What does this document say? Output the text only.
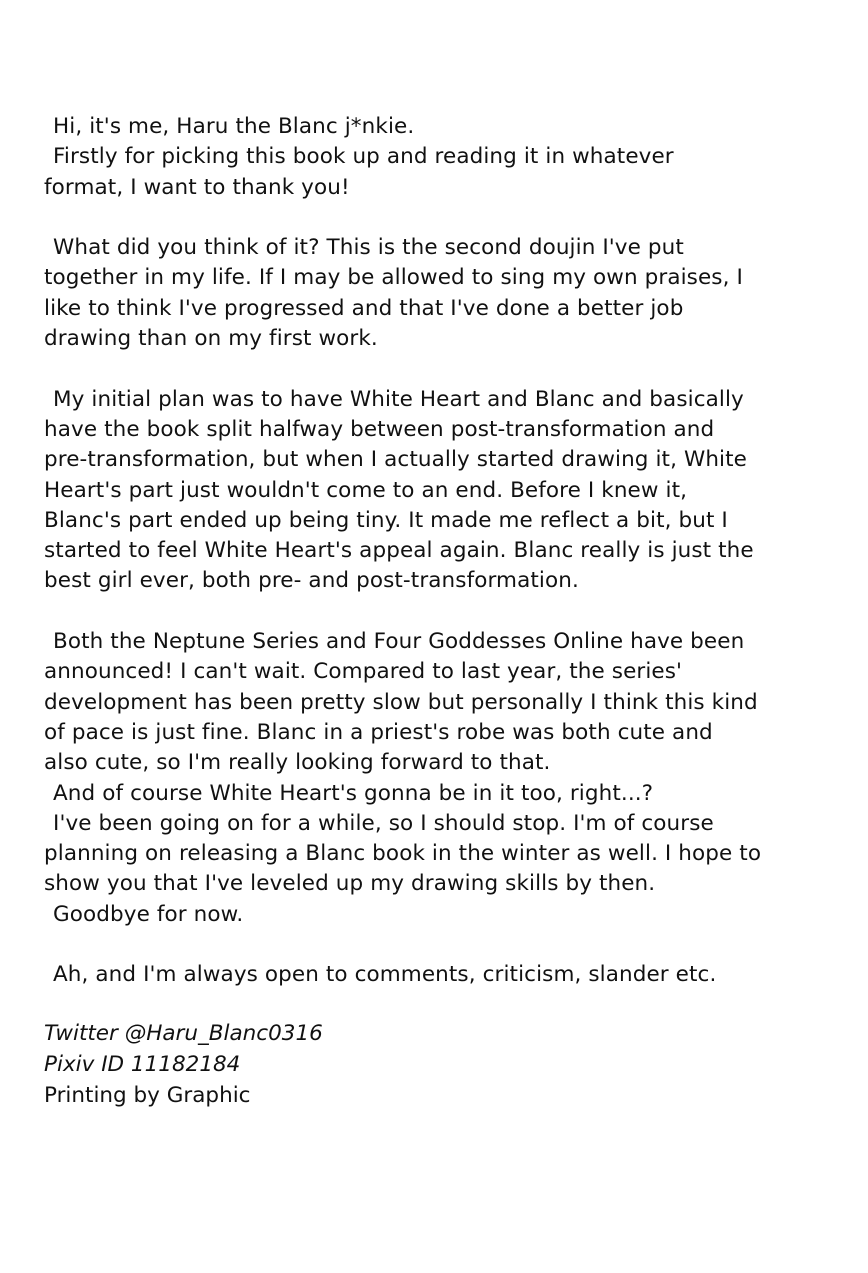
Hi, it's me, Haru the Blanc j*nkie.
Firstly for picking this book up and reading it in whatever
format, I want to thank you!
What did you think of it? This is the second doujin I've put
together in my life. If I may be allowed to sing my own praises, I
like to think I've progressed and that I've done a better job
drawing than on my first work.
My initial plan was to have White Heart and Blanc and basically
have the book split halfway between post-transformation and
pre-transformation, but when I actually started drawing it, White
Heart's part just wouldn't come to an end. Before I knew it,
Blanc's part ended up being tiny. It made me reflect a bit, but I
started to feel White Heart's appeal again. Blanc really is just the
best girl ever, both pre- and post-transformation.
Both the Neptune Series and Four Goddesses Online have been
announced! I can't wait. Compared to last year, the series'
development has been pretty slow but personally I think this kind
of pace is just fine. Blanc in a priest's robe was both cute and
also cute, so I'm really looking forward to that.
And of course White Heart's gonna be in it too, right...?
I've been going on for a while, so I should stop. I'm of course
planning on releasing a Blanc book in the winter as well. I hope to
show you that I've leveled up my drawing skills by then.
Goodbye for now.
Ah, and I'm always open to comments, criticism, slander etc.
Twitter @Haru_Blanc0316
Pixiv ID 11182184
Printing by Graphic
